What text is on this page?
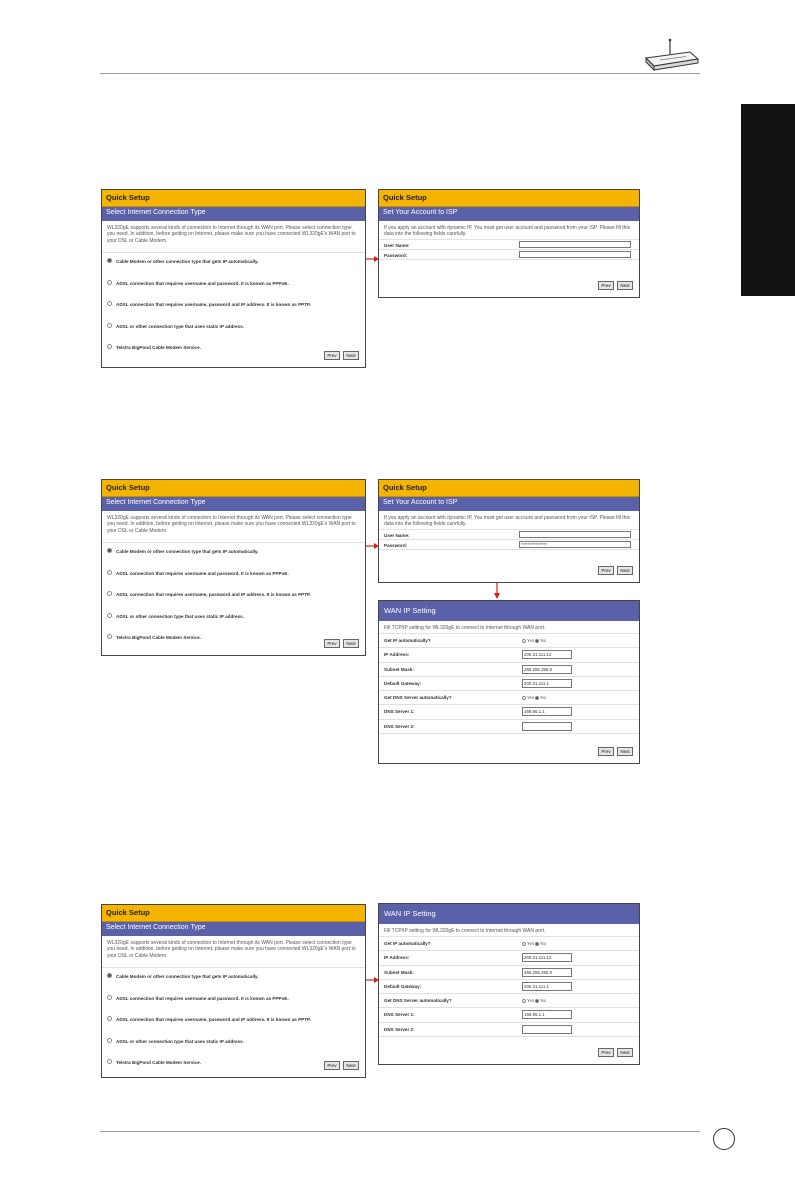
Quick Setup
Select Internet Connection Type
WL320gE supports several kinds of connection to Internet through its WAN port. Please select connection type you need. In addition, before getting on Internet, please make sure you have connected WL320gE's WAN port to your DSL or Cable Modem.
Cable Modem or other connection type that gets IP automatically.
ADSL connection that requires username and password. It is known as PPPoE.
ADSL connection that requires username, password and IP address. It is known as PPTP.
ADSL or other connection type that uses static IP address.
Telstra BigPond Cable Modem Service.
Prev Next
Quick Setup
Set Your Account to ISP
If you apply an account with dynamic IP, You must get user account and password from your ISP. Please fill this data into the following fields carefully.
User Name:
Password:
Prev Next
Quick Setup
Select Internet Connection Type
WL320gE supports several kinds of connection to Internet through its WAN port. Please select connection type you need. In addition, before getting on Internet, please make sure you have connected WL320gE's WAN port to your DSL or Cable Modem.
Cable Modem or other connection type that gets IP automatically.
ADSL connection that requires username and password. It is known as PPPoE.
ADSL connection that requires username, password and IP address. It is known as PPTP.
ADSL or other connection type that uses static IP address.
Telstra BigPond Cable Modem Service.
Prev Next
Quick Setup
Set Your Account to ISP
If you apply an account with dynamic IP, You must get user account and password from your ISP. Please fill this data into the following fields carefully.
User Name:
Password:	****************
Prev Next
WAN IP Setting
Fill TCP/IP setting for WL320gE to connect to Internet through WAN port.
Get IP automatically?	Yes No
IP Address:	200.31.111.12
Subnet Mask:	255.255.255.0
Default Gateway:	200.31.111.1
Get DNS Server automatically?	Yes No
DNS Server 1:	168.95.1.1
DNS Server 2:
Prev Next
Quick Setup
Select Internet Connection Type
WL320gE supports several kinds of connection to Internet through its WAN port. Please select connection type you need. In addition, before getting on Internet, please make sure you have connected WL320gE's WAN port to your DSL or Cable Modem.
Cable Modem or other connection type that gets IP automatically.
ADSL connection that requires username and password. It is known as PPPoE.
ADSL connection that requires username, password and IP address. It is known as PPTP.
ADSL or other connection type that uses static IP address.
Telstra BigPond Cable Modem Service.
Prev Next
WAN IP Setting
Fill TCP/IP setting for WL320gE to connect to Internet through WAN port.
Get IP automatically?	Yes No
IP Address:	200.31.111.12
Subnet Mask:	255.255.255.0
Default Gateway:	200.31.111.1
Get DNS Server automatically?	Yes No
DNS Server 1:	168.95.1.1
DNS Server 2:
Prev Next
